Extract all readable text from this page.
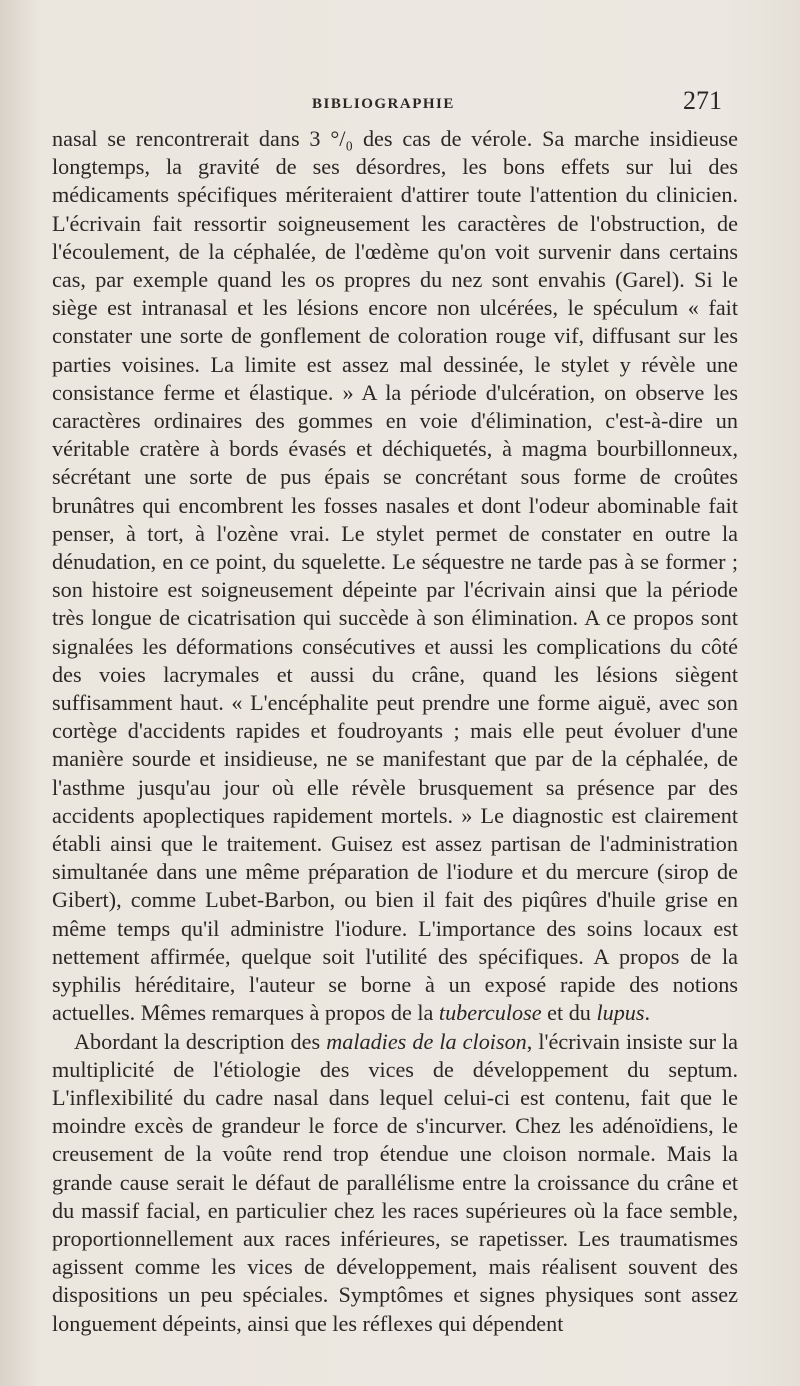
BIBLIOGRAPHIE	271

nasal se rencontrerait dans 3 °/₀ des cas de vérole. Sa marche insidieuse longtemps, la gravité de ses désordres, les bons effets sur lui des médicaments spécifiques mériteraient d'attirer toute l'attention du clinicien. L'écrivain fait ressortir soigneusement les caractères de l'obstruction, de l'écoulement, de la céphalée, de l'œdème qu'on voit survenir dans certains cas, par exemple quand les os propres du nez sont envahis (Garel). Si le siège est intranasal et les lésions encore non ulcérées, le spéculum « fait constater une sorte de gonflement de coloration rouge vif, diffusant sur les parties voisines. La limite est assez mal dessinée, le stylet y révèle une consistance ferme et élastique. » A la période d'ulcération, on observe les caractères ordinaires des gommes en voie d'élimination, c'est-à-dire un véritable cratère à bords évasés et déchiquetés, à magma bourbillonneux, sécrétant une sorte de pus épais se concrétant sous forme de croûtes brunâtres qui encombrent les fosses nasales et dont l'odeur abominable fait penser, à tort, à l'ozène vrai. Le stylet permet de constater en outre la dénudation, en ce point, du squelette. Le séquestre ne tarde pas à se former ; son histoire est soigneusement dépeinte par l'écrivain ainsi que la période très longue de cicatrisation qui succède à son élimination. A ce propos sont signalées les déformations consécutives et aussi les complications du côté des voies lacrymales et aussi du crâne, quand les lésions siègent suffisamment haut. « L'encéphalite peut prendre une forme aiguë, avec son cortège d'accidents rapides et foudroyants ; mais elle peut évoluer d'une manière sourde et insidieuse, ne se manifestant que par de la céphalée, de l'asthme jusqu'au jour où elle révèle brusquement sa présence par des accidents apoplectiques rapidement mortels. » Le diagnostic est clairement établi ainsi que le traitement. Guisez est assez partisan de l'administration simultanée dans une même préparation de l'iodure et du mercure (sirop de Gibert), comme Lubet-Barbon, ou bien il fait des piqûres d'huile grise en même temps qu'il administre l'iodure. L'importance des soins locaux est nettement affirmée, quelque soit l'utilité des spécifiques. A propos de la syphilis héréditaire, l'auteur se borne à un exposé rapide des notions actuelles. Mêmes remarques à propos de la tuberculose et du lupus.

Abordant la description des maladies de la cloison, l'écrivain insiste sur la multiplicité de l'étiologie des vices de développement du septum. L'inflexibilité du cadre nasal dans lequel celui-ci est contenu, fait que le moindre excès de grandeur le force de s'incurver. Chez les adénoïdiens, le creusement de la voûte rend trop étendue une cloison normale. Mais la grande cause serait le défaut de parallélisme entre la croissance du crâne et du massif facial, en particulier chez les races supérieures où la face semble, proportionnellement aux races inférieures, se rapetisser. Les traumatismes agissent comme les vices de développement, mais réalisent souvent des dispositions un peu spéciales. Symptômes et signes physiques sont assez longuement dépeints, ainsi que les réflexes qui dépendent
